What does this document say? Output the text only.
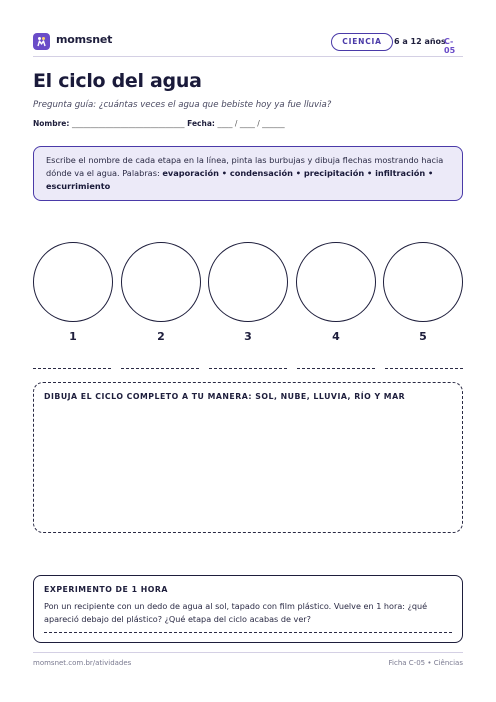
momsnet	CIENCIA	6 a 12 años
C-05
El ciclo del agua
Pregunta guía: ¿cuántas veces el agua que bebiste hoy ya fue lluvia?
Nombre: ______________________________ Fecha: ____ / ____ / ______
Escribe el nombre de cada etapa en la línea, pinta las burbujas y dibuja flechas mostrando hacia dónde va el agua. Palabras: evaporación • condensación • precipitación • infiltración • escurrimiento
1	2	3	4	5
DIBUJA EL CICLO COMPLETO A TU MANERA: SOL, NUBE, LLUVIA, RÍO Y MAR
EXPERIMENTO DE 1 HORA
Pon un recipiente con un dedo de agua al sol, tapado con film plástico. Vuelve en 1 hora: ¿qué apareció debajo del plástico? ¿Qué etapa del ciclo acabas de ver?
momsnet.com.br/atividades	Ficha C-05 • Ciências
